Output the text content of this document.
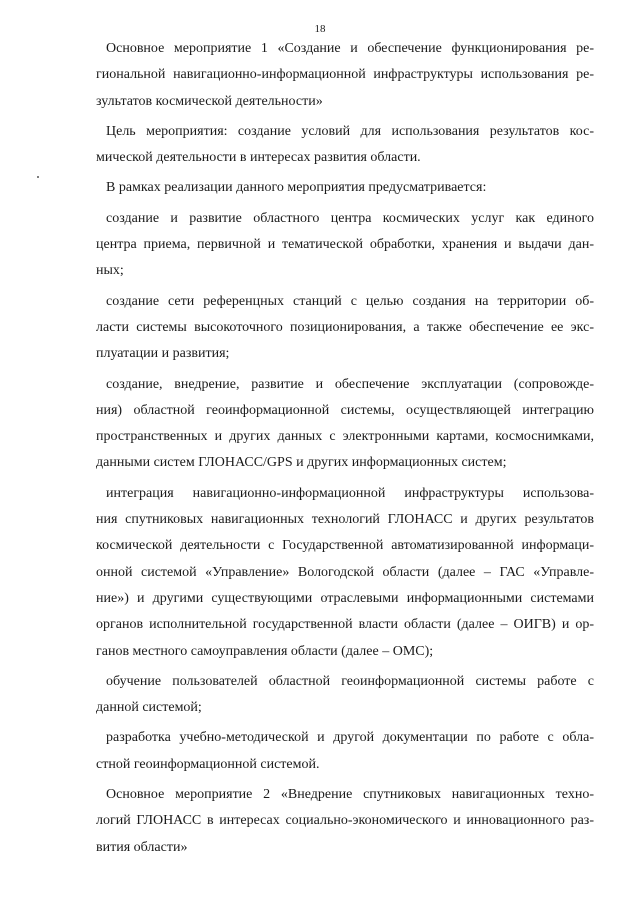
18
Основное мероприятие 1 «Создание и обеспечение функционирования ре-
гиональной навигационно-информационной инфраструктуры использования ре-
зультатов космической деятельности»
Цель мероприятия: создание условий для использования результатов кос-
мической деятельности в интересах развития области.
В рамках реализации данного мероприятия предусматривается:
создание и развитие областного центра космических услуг как единого
центра приема, первичной и тематической обработки, хранения и выдачи дан-
ных;
создание сети референцных станций с целью создания на территории об-
ласти системы высокоточного позиционирования, а также обеспечение ее экс-
плуатации и развития;
создание, внедрение, развитие и обеспечение эксплуатации (сопровожде-
ния) областной геоинформационной системы, осуществляющей интеграцию
пространственных и других данных с электронными картами, космоснимками,
данными систем ГЛОНАСС/GPS и других информационных систем;
интеграция навигационно-информационной инфраструктуры использова-
ния спутниковых навигационных технологий ГЛОНАСС и других результатов
космической деятельности с Государственной автоматизированной информаци-
онной системой «Управление» Вологодской области (далее – ГАС «Управле-
ние») и другими существующими отраслевыми информационными системами
органов исполнительной государственной власти области (далее – ОИГВ) и ор-
ганов местного самоуправления области (далее – ОМС);
обучение пользователей областной геоинформационной системы работе с
данной системой;
разработка учебно-методической и другой документации по работе с обла-
стной геоинформационной системой.
Основное мероприятие 2 «Внедрение спутниковых навигационных техно-
логий ГЛОНАСС в интересах социально-экономического и инновационного раз-
вития области»
